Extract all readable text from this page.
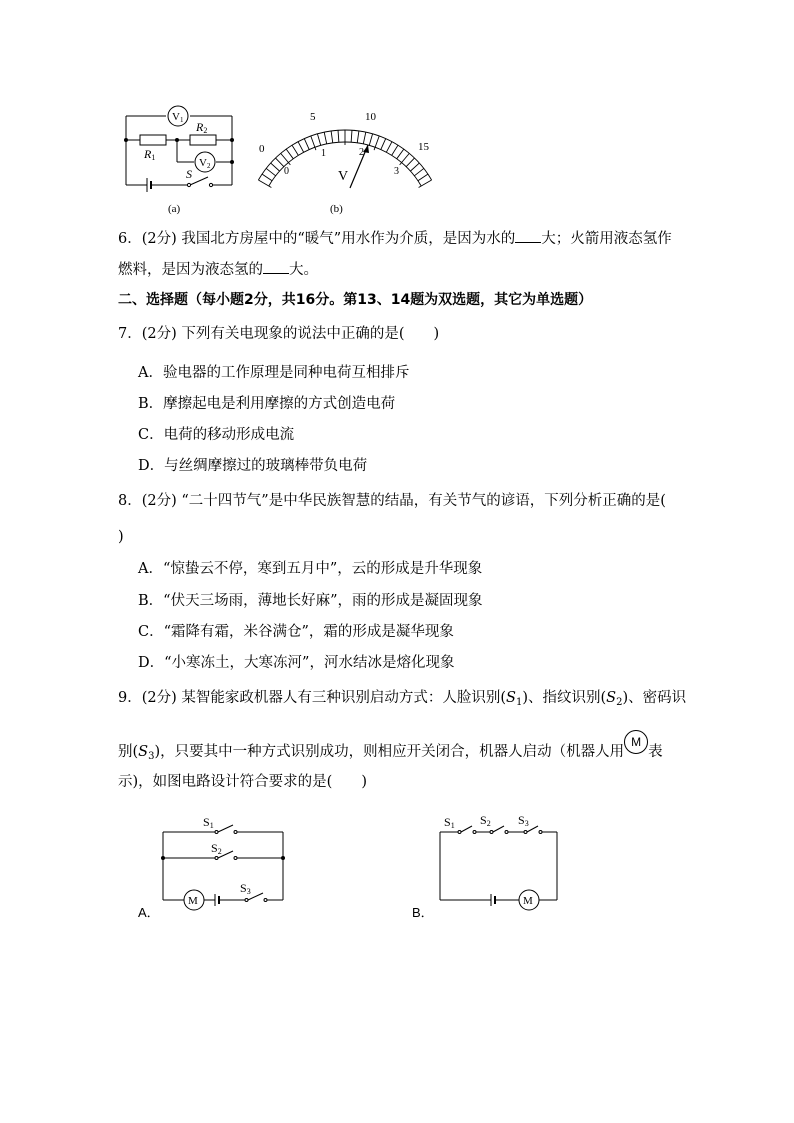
V1
V2
R1
R2
S
(a)
0
5	10
15
0
1	2
3
V
(b)
6．(2分) 我国北方房屋中的“暖气”用水作为介质，是因为水的 大；火箭用液态氢作
燃料，是因为液态氢的 大。
二、选择题（每小题2分，共16分。第13、14题为双选题，其它为单选题）
7．(2分) 下列有关电现象的说法中正确的是(　　)
A．验电器的工作原理是同种电荷互相排斥
B．摩擦起电是利用摩擦的方式创造电荷
C．电荷的移动形成电流
D．与丝绸摩擦过的玻璃棒带负电荷
8．(2分) “二十四节气”是中华民族智慧的结晶，有关节气的谚语，下列分析正确的是(
)
A．“惊蛰云不停，寒到五月中”，云的形成是升华现象
B．“伏天三场雨，薄地长好麻”，雨的形成是凝固现象
C．“霜降有霜，米谷满仓”，霜的形成是凝华现象
D．“小寒冻土，大寒冻河”，河水结冰是熔化现象
9．(2分) 某智能家政机器人有三种识别启动方式：人脸识别$(S_1)$、指纹识别$(S_2)$、密码识
别$(S_3)$，只要其中一种方式识别成功，则相应开关闭合，机器人启动（机器人用M表
示)，如图电路设计符合要求的是(　　)
A．
M
S1
S2
S3
B．
M
S1 S2 S3
